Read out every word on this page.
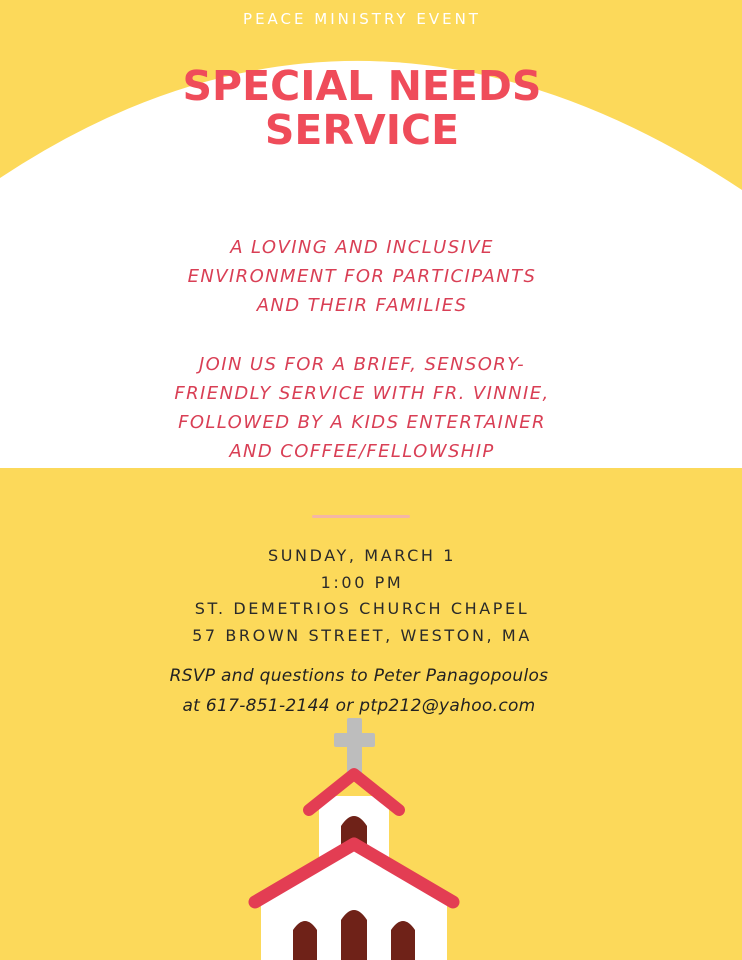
PEACE MINISTRY EVENT
SPECIAL NEEDS
SERVICE
A LOVING AND INCLUSIVE
ENVIRONMENT FOR PARTICIPANTS
AND THEIR FAMILIES
JOIN US FOR A BRIEF, SENSORY-
FRIENDLY SERVICE WITH FR. VINNIE,
FOLLOWED BY A KIDS ENTERTAINER
AND COFFEE/FELLOWSHIP
SUNDAY, MARCH 1
1:00 PM
ST. DEMETRIOS CHURCH CHAPEL
57 BROWN STREET, WESTON, MA
RSVP and questions to Peter Panagopoulos
at 617-851-2144 or ptp212@yahoo.com
